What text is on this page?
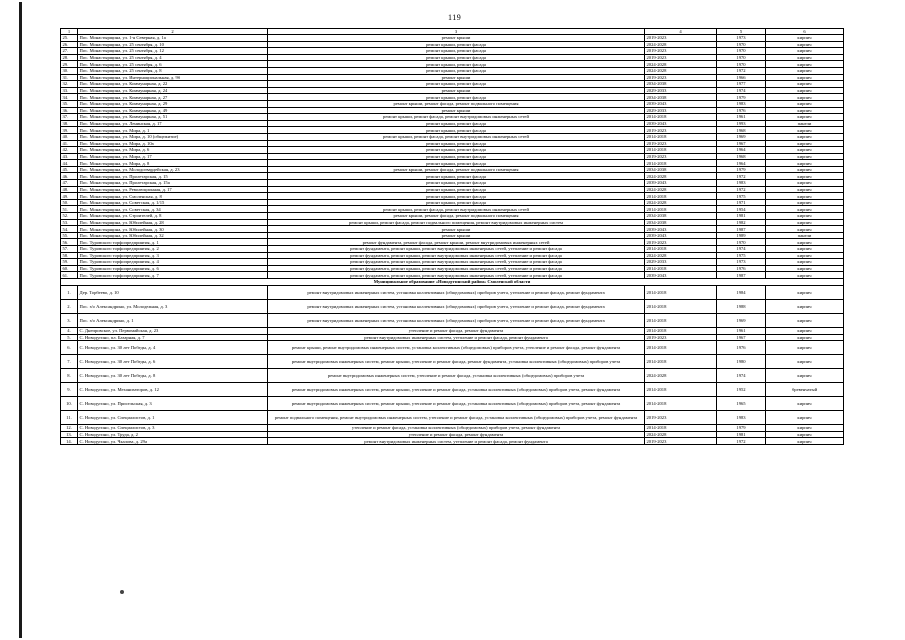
119
1	2	3	4	5	6
25.	Пос. Монастырщина, ул. 1-я Северная, д. 1а	ремонт крыши	2019-2023	1973	кирпич
26.	Пос. Монастырщина, ул. 25 сентября, д. 10	ремонт крыши, ремонт фасада	2024-2028	1970	кирпич
27.	Пос. Монастырщина, ул. 25 сентября, д. 12	ремонт крыши, ремонт фасада	2019-2023	1970	кирпич
28.	Пос. Монастырщина, ул. 25 сентября, д. 4	ремонт крыши, ремонт фасада	2019-2023	1970	кирпич
29.	Пос. Монастырщина, ул. 25 сентября, д. 6	ремонт крыши, ремонт фасада	2024-2028	1970	кирпич
30.	Пос. Монастырщина, ул. 25 сентября, д. 8	ремонт крыши, ремонт фасада	2024-2028	1972	кирпич
31.	Пос. Монастырщина, ул. Интернациональная, д. 9б	ремонт крыши	2019-2023	1966	кирпич
32.	Пос. Монастырщина, ул. Коммунарная, д. 22	ремонт крыши, ремонт фасада	2034-2038	1977	кирпич
33.	Пос. Монастырщина, ул. Коммунарная, д. 24	ремонт крыши	2029-2033	1974	кирпич
34.	Пос. Монастырщина, ул. Коммунарная, д. 27	ремонт крыши, ремонт фасада	2034-2038	1979	кирпич
35.	Пос. Монастырщина, ул. Коммунарная, д. 29	ремонт крыши, ремонт фасада, ремонт подвального помещения	2039-2043	1983	кирпич
36.	Пос. Монастырщина, ул. Коммунарная, д. 49	ремонт крыши	2029-2033	1976	кирпич
37.	Пос. Монастырщина, ул. Коммунарная, д. 51	ремонт крыши, ремонт фасада, ремонт внутридомовых инженерных сетей	2014-2018	1961	кирпич
38.	Пос. Монастырщина, ул. Ленинская, д. 17	ремонт крыши, ремонт фасада	2039-2043	1993	панели
39.	Пос. Монастырщина, ул. Мира, д. 1	ремонт крыши, ремонт фасада	2019-2023	1968	кирпич
40.	Пос. Монастырщина, ул. Мира, д. 10 (общежитие)	ремонт крыши, ремонт фасада, ремонт внутридомовых инженерных сетей	2014-2018	1969	кирпич
41.	Пос. Монастырщина, ул. Мира, д. 10а	ремонт крыши, ремонт фасада	2019-2023	1967	кирпич
42.	Пос. Монастырщина, ул. Мира, д. 6	ремонт крыши, ремонт фасада	2014-2018	1964	кирпич
43.	Пос. Монастырщина, ул. Мира, д. 17	ремонт крыши, ремонт фасада	2019-2023	1968	кирпич
44.	Пос. Монастырщина, ул. Мира, д. 8	ремонт крыши, ремонт фасада	2014-2018	1964	кирпич
45.	Пос. Монастырщина, ул. Молодогвардейская, д. 23	ремонт крыши, ремонт фасада, ремонт подвального помещения	2034-2038	1979	кирпич
46.	Пос. Монастырщина, ул. Пролетарская, д. 15	ремонт крыши, ремонт фасада	2024-2028	1972	кирпич
47.	Пос. Монастырщина, ул. Пролетарская, д. 15а	ремонт крыши, ремонт фасада	2039-2043	1983	кирпич
48.	Пос. Монастырщина, ул. Революционная, д. 17	ремонт крыши, ремонт фасада	2024-2028	1972	кирпич
49.	Пос. Монастырщина, ул. Смоленская, д. 8	ремонт крыши, ремонт фасада	2014-2018	1975	кирпич
50.	Пос. Монастырщина, ул. Советская, д. 1/15	ремонт крыши, ремонт фасада	2024-2028	1971	кирпич
51.	Пос. Монастырщина, ул. Советская, д. 34	ремонт крыши, ремонт фасада, ремонт внутридомовых инженерных сетей	2014-2018	1954	кирпич
52.	Пос. Монастырщина, ул. Строителей, д. 8	ремонт крыши, ремонт фасада, ремонт подвального помещения	2034-2038	1981	кирпич
53.	Пос. Монастырщина, ул. Юбилейная, д. 28	ремонт крыши, ремонт фасада, ремонт подвального помещения, ремонт внутридомовых инженерных систем	2034-2038	1982	кирпич
54.	Пос. Монастырщина, ул. Юбилейная, д. 30	ремонт крыши	2039-2043	1987	кирпич
55.	Пос. Монастырщина, ул. Юбилейная, д. 32	ремонт крыши	2039-2043	1989	панели
56.	Пос. Туровского торфопредприятия, д. 1	ремонт фундамента, ремонт фасада, ремонт крыши, ремонт внутридомовых инженерных сетей	2019-2023	1970	кирпич
57.	Пос. Туровского торфопредприятия, д. 2	ремонт фундамента, ремонт крыши, ремонт внутридомовых инженерных сетей, утепление и ремонт фасада	2014-2018	1974	кирпич
58.	Пос. Туровского торфопредприятия, д. 3	ремонт фундамента, ремонт крыши, ремонт внутридомовых инженерных сетей, утепление и ремонт фасада	2024-2028	1975	кирпич
59.	Пос. Туровского торфопредприятия, д. 4	ремонт фундамента, ремонт крыши, ремонт внутридомовых инженерных сетей, утепление и ремонт фасада	2029-2033	1973	кирпич
60.	Пос. Туровского торфопредприятия, д. 6	ремонт фундамента, ремонт крыши, ремонт внутридомовых инженерных сетей, утепление и ремонт фасада	2014-2018	1976	кирпич
61.	Пос. Туровского торфопредприятия, д. 7	ремонт фундамента, ремонт крыши, ремонт внутридомовых инженерных сетей, утепление и ремонт фасада	2039-2043	1987	кирпич
Муниципальное образование «Новодугинский район» Смоленской области					
1.	Дер. Торбеево, д. 10	ремонт внутридомовых инженерных систем, установка коллективных (общедомовых) приборов учета, утепление и ремонт фасада, ремонт фундамента	2014-2018	1984	кирпич
2.	Пос. з/о Александрино, ул. Молодежная, д. 3	ремонт внутридомовых инженерных систем, установка коллективных (общедомовых) приборов учета, утепление и ремонт фасада, ремонт фундамента	2014-2018	1988	кирпич
3.	Пос. з/о Александрино, д. 1	ремонт внутридомовых инженерных систем, установка коллективных (общедомовых) приборов учета, утепление и ремонт фасада, ремонт фундамента	2014-2018	1969	кирпич
4.	С. Днепровское, ул. Первомайская, д. 23	утепление и ремонт фасада, ремонт фундамента	2014-2018	1961	кирпич
5.	С. Новодугино, пл. Базарная, д. 7	ремонт внутридомовых инженерных систем, утепление и ремонт фасада, ремонт фундамента	2019-2023	1967	кирпич
6.	С. Новодугино, ул. 30 лет Победы, д. 4	ремонт крыши, ремонт внутридомовых инженерных систем, установка коллективных (общедомовых) приборов учета, утепление и ремонт фасада, ремонт фундамента	2014-2018	1976	кирпич
7.	С. Новодугино, ул. 30 лет Победы, д. 6	ремонт внутридомовых инженерных систем, ремонт крыши, утепление и ремонт фасада, ремонт фундамента, установка коллективных (общедомовых) приборов учета	2014-2018	1980	кирпич
8.	С. Новодугино, ул. 30 лет Победы, д. 8	ремонт внутридомовых инженерных систем, утепление и ремонт фасада, установка коллективных (общедомовых) приборов учета	2024-2028	1974	кирпич
9.	С. Новодугино, ул. Механизаторов, д. 12	ремонт внутридомовых инженерных систем, ремонт крыши, утепление и ремонт фасада, установка коллективных (общедомовых) приборов учета, ремонт фундамента	2014-2018	1952	бревенчатый
10.	С. Новодугино, ул. Присельская, д. 3	ремонт внутридомовых инженерных систем, ремонт крыши, утепление и ремонт фасада, установка коллективных (общедомовых) приборов учета, ремонт фундамента	2014-2018	1965	кирпич
11.	С. Новодугино, ул. Специалистов, д. 1	ремонт подвального помещения, ремонт внутридомовых инженерных систем, утепление и ремонт фасада, установка коллективных (общедомовых) приборов учета, ремонт фундамента	2019-2023	1983	кирпич
12.	С. Новодугино, ул. Специалистов, д. 3	утепление и ремонт фасада, установка коллективных (общедомовых) приборов учета, ремонт фундамента	2014-2018	1979	кирпич
13.	С. Новодугино, ул. Труда, д. 2	утепление и ремонт фасада, ремонт фундамента	2024-2028	1981	кирпич
14.	С. Новодугино, ул. Чкалова, д. 29а	ремонт внутридомовых инженерных систем, утепление и ремонт фасада, ремонт фундамента	2019-2023	1972	кирпич
